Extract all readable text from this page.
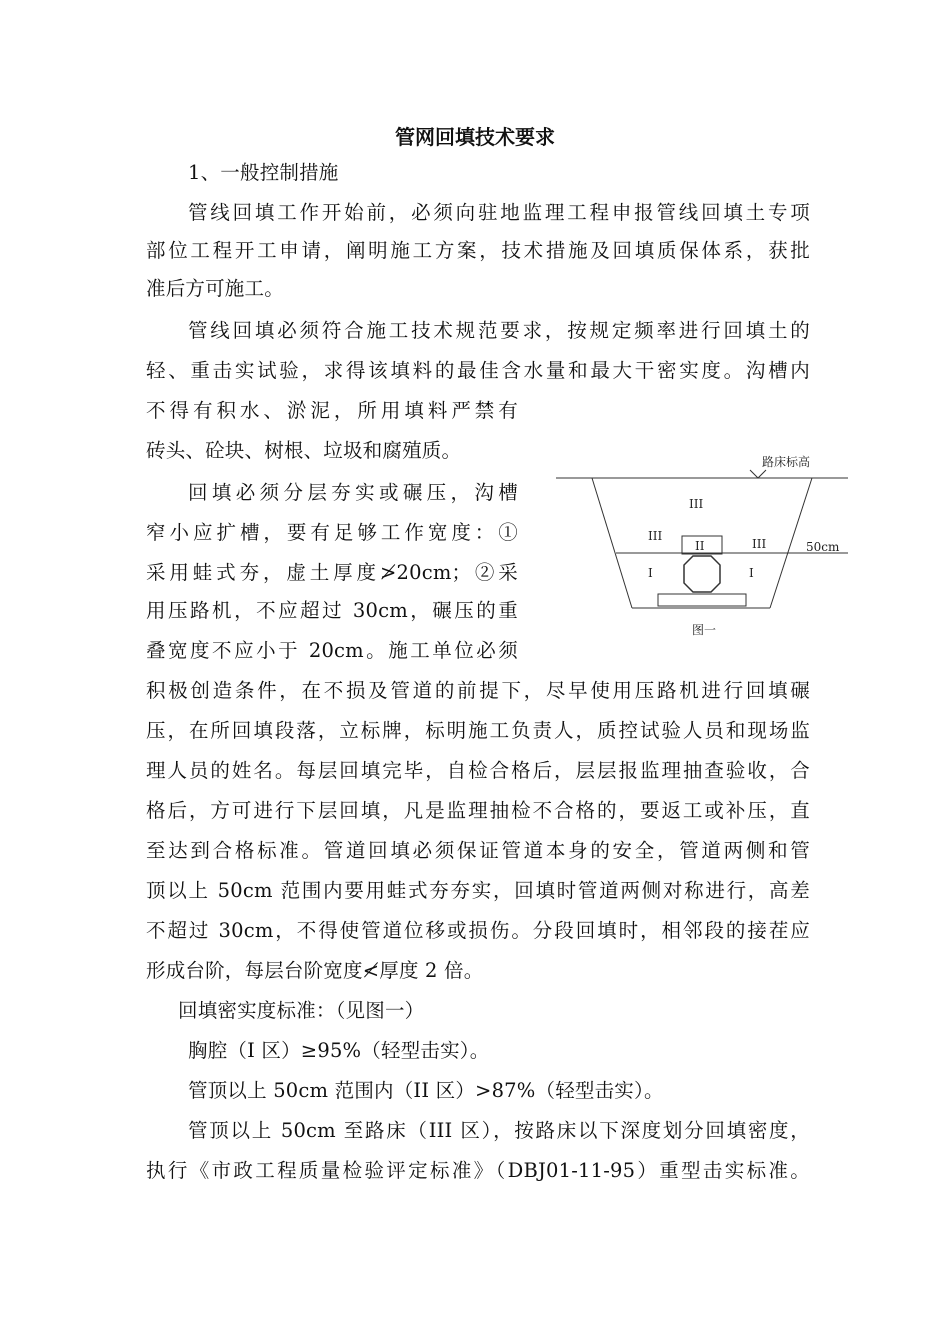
管网回填技术要求
1、一般控制措施
管线回填工作开始前，必须向驻地监理工程申报管线回填土专项
部位工程开工申请，阐明施工方案，技术措施及回填质保体系，获批
准后方可施工。
管线回填必须符合施工技术规范要求，按规定频率进行回填土的
轻、重击实试验，求得该填料的最佳含水量和最大干密实度。沟槽内
不得有积水、淤泥，所用填料严禁有
砖头、砼块、树根、垃圾和腐殖质。
回填必须分层夯实或碾压，沟槽
窄小应扩槽，要有足够工作宽度：①
采用蛙式夯，虚土厚度≯20cm；②采
用压路机，不应超过 30cm，碾压的重
叠宽度不应小于 20cm。施工单位必须
积极创造条件，在不损及管道的前提下，尽早使用压路机进行回填碾
压，在所回填段落，立标牌，标明施工负责人，质控试验人员和现场监
理人员的姓名。每层回填完毕，自检合格后，层层报监理抽查验收，合
格后，方可进行下层回填，凡是监理抽检不合格的，要返工或补压，直
至达到合格标准。管道回填必须保证管道本身的安全，管道两侧和管
顶以上 50cm 范围内要用蛙式夯夯实，回填时管道两侧对称进行，高差
不超过 30cm，不得使管道位移或损伤。分段回填时，相邻段的接茬应
形成台阶，每层台阶宽度≮厚度 2 倍。
回填密实度标准：（见图一）
胸腔（I 区）≥95%（轻型击实）。
管顶以上 50cm 范围内（II 区）>87%（轻型击实）。
管顶以上 50cm 至路床（III 区），按路床以下深度划分回填密度，
执行《市政工程质量检验评定标准》（DBJ01-11-95）重型击实标准。
路床标高
III
III
II	III	50cm
I	I
图一
